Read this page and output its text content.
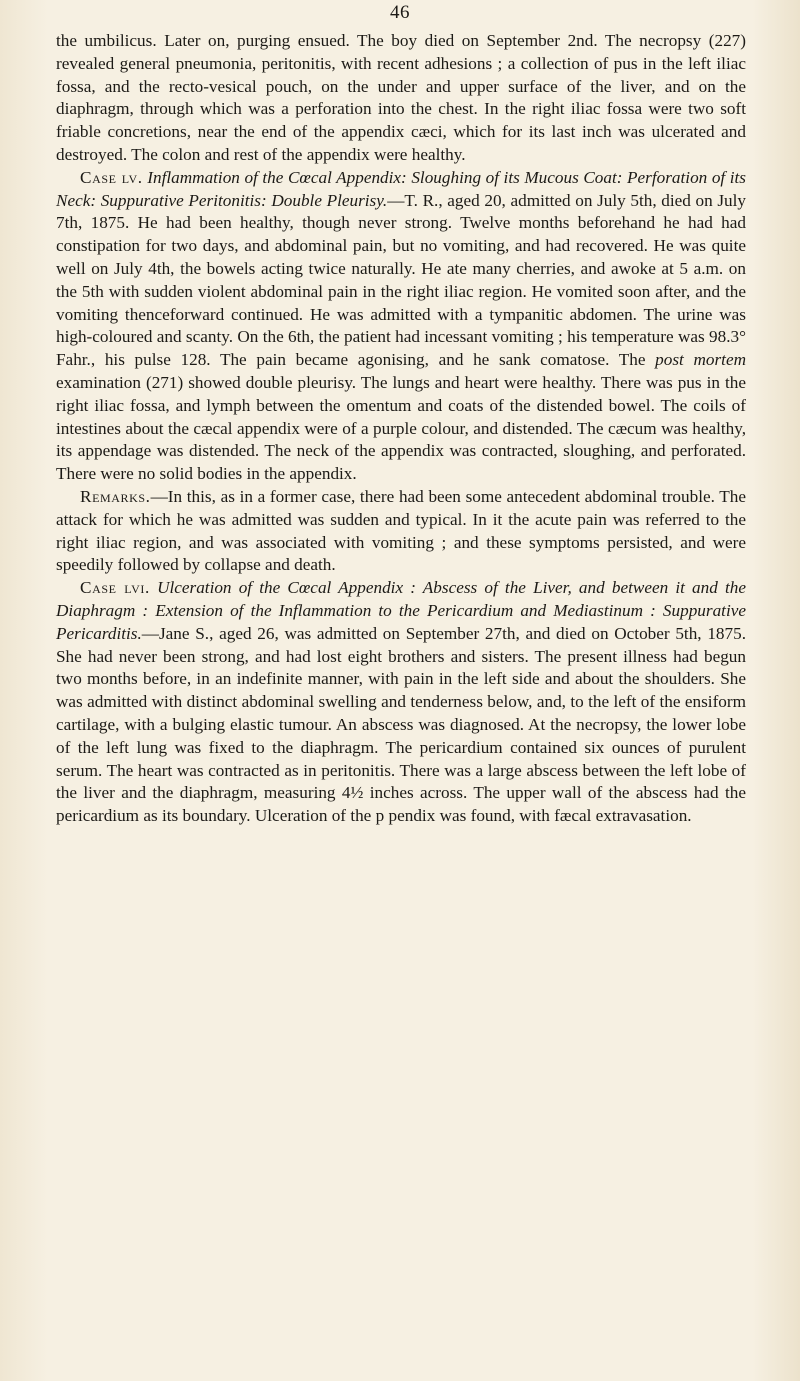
46

the umbilicus. Later on, purging ensued. The boy died on September 2nd. The necropsy (227) revealed general pneumonia, peritonitis, with recent adhesions ; a collection of pus in the left iliac fossa, and the recto-vesical pouch, on the under and upper surface of the liver, and on the diaphragm, through which was a perforation into the chest. In the right iliac fossa were two soft friable concretions, near the end of the appendix cæci, which for its last inch was ulcerated and destroyed. The colon and rest of the appendix were healthy.

Case lv. Inflammation of the Cœcal Appendix: Sloughing of its Mucous Coat: Perforation of its Neck: Suppurative Peritonitis: Double Pleurisy.—T. R., aged 20, admitted on July 5th, died on July 7th, 1875. He had been healthy, though never strong. Twelve months beforehand he had had constipation for two days, and abdominal pain, but no vomiting, and had recovered. He was quite well on July 4th, the bowels acting twice naturally. He ate many cherries, and awoke at 5 a.m. on the 5th with sudden violent abdominal pain in the right iliac region. He vomited soon after, and the vomiting thenceforward continued. He was admitted with a tympanitic abdomen. The urine was high-coloured and scanty. On the 6th, the patient had incessant vomiting ; his temperature was 98.3° Fahr., his pulse 128. The pain became agonising, and he sank comatose. The post mortem examination (271) showed double pleurisy. The lungs and heart were healthy. There was pus in the right iliac fossa, and lymph between the omentum and coats of the distended bowel. The coils of intestines about the cæcal appendix were of a purple colour, and distended. The cæcum was healthy, its appendage was distended. The neck of the appendix was contracted, sloughing, and perforated. There were no solid bodies in the appendix.

Remarks.—In this, as in a former case, there had been some antecedent abdominal trouble. The attack for which he was admitted was sudden and typical. In it the acute pain was referred to the right iliac region, and was associated with vomiting ; and these symptoms persisted, and were speedily followed by collapse and death.

Case lvi. Ulceration of the Cœcal Appendix : Abscess of the Liver, and between it and the Diaphragm : Extension of the Inflammation to the Pericardium and Mediastinum : Suppurative Pericarditis.—Jane S., aged 26, was admitted on September 27th, and died on October 5th, 1875. She had never been strong, and had lost eight brothers and sisters. The present illness had begun two months before, in an indefinite manner, with pain in the left side and about the shoulders. She was admitted with distinct abdominal swelling and tenderness below, and, to the left of the ensiform cartilage, with a bulging elastic tumour. An abscess was diagnosed. At the necropsy, the lower lobe of the left lung was fixed to the diaphragm. The pericardium contained six ounces of purulent serum. The heart was contracted as in peritonitis. There was a large abscess between the left lobe of the liver and the diaphragm, measuring 4½ inches across. The upper wall of the abscess had the pericardium as its boundary. Ulceration of the p pendix was found, with fæcal extravasation.
